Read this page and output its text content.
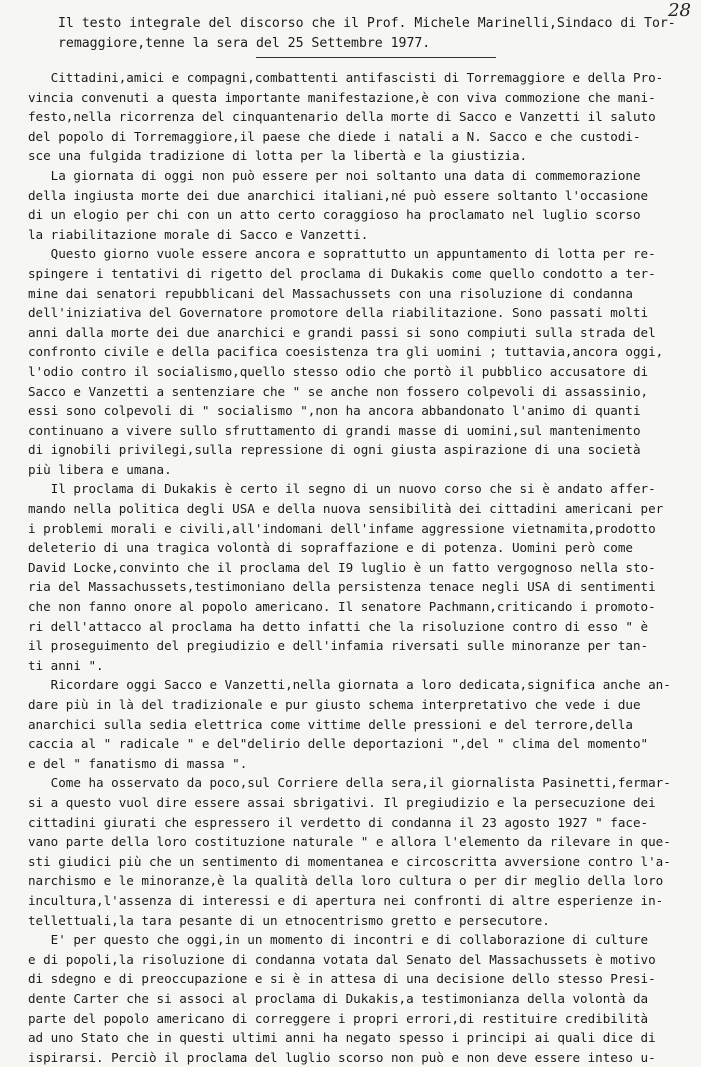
28
Il testo integrale del discorso che il Prof. Michele Marinelli,Sindaco di Tor-
remaggiore,tenne la sera del 25 Settembre 1977.
Cittadini,amici e compagni,combattenti antifascisti di Torremaggiore e della Pro-
vincia convenuti a questa importante manifestazione,è con viva commozione che mani-
festo,nella ricorrenza del cinquantenario della morte di Sacco e Vanzetti il saluto
del popolo di Torremaggiore,il paese che diede i natali a N. Sacco e che custodi-
sce una fulgida tradizione di lotta per la libertà e la giustizia.
La giornata di oggi non può essere per noi soltanto una data di commemorazione
della ingiusta morte dei due anarchici italiani,né può essere soltanto l'occasione
di un elogio per chi con un atto certo coraggioso ha proclamato nel luglio scorso
la riabilitazione morale di Sacco e Vanzetti.
Questo giorno vuole essere ancora e soprattutto un appuntamento di lotta per re-
spingere i tentativi di rigetto del proclama di Dukakis come quello condotto a ter-
mine dai senatori repubblicani del Massachussets con una risoluzione di condanna
dell'iniziativa del Governatore promotore della riabilitazione. Sono passati molti
anni dalla morte dei due anarchici e grandi passi si sono compiuti sulla strada del
confronto civile e della pacifica coesistenza tra gli uomini ; tuttavia,ancora oggi,
l'odio contro il socialismo,quello stesso odio che portò il pubblico accusatore di
Sacco e Vanzetti a sentenziare che " se anche non fossero colpevoli di assassinio,
essi sono colpevoli di " socialismo ",non ha ancora abbandonato l'animo di quanti
continuano a vivere sullo sfruttamento di grandi masse di uomini,sul mantenimento
di ignobili privilegi,sulla repressione di ogni giusta aspirazione di una società
più libera e umana.
Il proclama di Dukakis è certo il segno di un nuovo corso che si è andato affer-
mando nella politica degli USA e della nuova sensibilità dei cittadini americani per
i problemi morali e civili,all'indomani dell'infame aggressione vietnamita,prodotto
deleterio di una tragica volontà di sopraffazione e di potenza. Uomini però come
David Locke,convinto che il proclama del I9 luglio è un fatto vergognoso nella sto-
ria del Massachussets,testimoniano della persistenza tenace negli USA di sentimenti
che non fanno onore al popolo americano. Il senatore Pachmann,criticando i promoto-
ri dell'attacco al proclama ha detto infatti che la risoluzione contro di esso " è
il proseguimento del pregiudizio e dell'infamia riversati sulle minoranze per tan-
ti anni ".
Ricordare oggi Sacco e Vanzetti,nella giornata a loro dedicata,significa anche an-
dare più in là del tradizionale e pur giusto schema interpretativo che vede i due
anarchici sulla sedia elettrica come vittime delle pressioni e del terrore,della
caccia al " radicale " e del"delirio delle deportazioni ",del " clima del momento"
e del " fanatismo di massa ".
Come ha osservato da poco,sul Corriere della sera,il giornalista Pasinetti,fermar-
si a questo vuol dire essere assai sbrigativi. Il pregiudizio e la persecuzione dei
cittadini giurati che espressero il verdetto di condanna il 23 agosto 1927 " face-
vano parte della loro costituzione naturale " e allora l'elemento da rilevare in que-
sti giudici più che un sentimento di momentanea e circoscritta avversione contro l'a-
narchismo e le minoranze,è la qualità della loro cultura o per dir meglio della loro
incultura,l'assenza di interessi e di apertura nei confronti di altre esperienze in-
tellettuali,la tara pesante di un etnocentrismo gretto e persecutore.
E' per questo che oggi,in un momento di incontri e di collaborazione di culture
e di popoli,la risoluzione di condanna votata dal Senato del Massachussets è motivo
di sdegno e di preoccupazione e si è in attesa di una decisione dello stesso Presi-
dente Carter che si associ al proclama di Dukakis,a testimonianza della volontà da
parte del popolo americano di correggere i propri errori,di restituire credibilità
ad uno Stato che in questi ultimi anni ha negato spesso i principi ai quali dice di
ispirarsi. Perciò il proclama del luglio scorso non può e non deve essere inteso u-
